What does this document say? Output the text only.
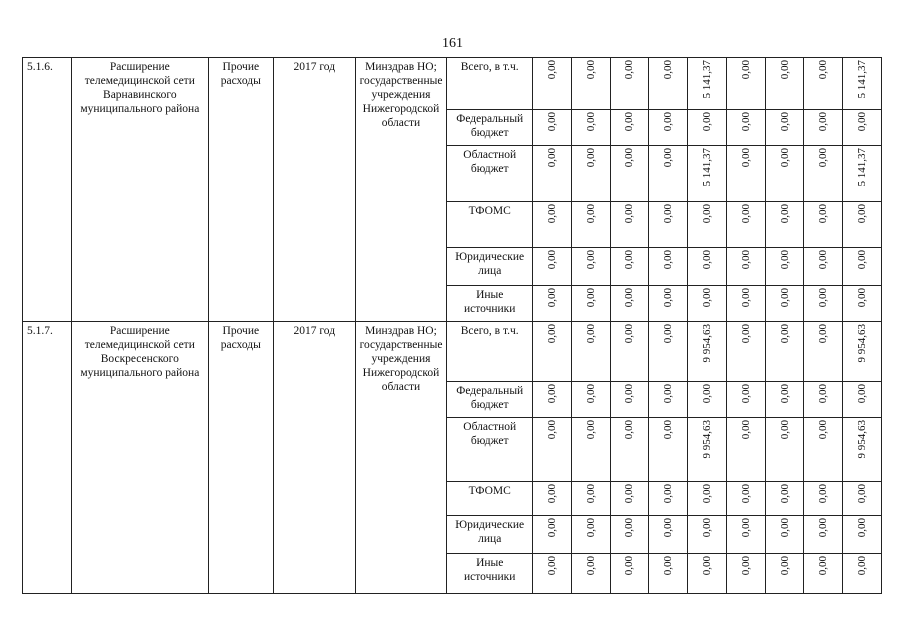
161
5.1.6.	Расширение телемедицинской сети Варнавинского муниципального района	Прочие расходы	2017 год	Минздрав НО; государственные учреждения Нижегородской области	Всего, в т.ч.	0,00	0,00	0,00	0,00	5 141,37	0,00	0,00	0,00	5 141,37
					Федеральный бюджет	0,00	0,00	0,00	0,00	0,00	0,00	0,00	0,00	0,00
					Областной бюджет	0,00	0,00	0,00	0,00	5 141,37	0,00	0,00	0,00	5 141,37
					ТФОМС	0,00	0,00	0,00	0,00	0,00	0,00	0,00	0,00	0,00
					Юридические лица	0,00	0,00	0,00	0,00	0,00	0,00	0,00	0,00	0,00
					Иные источники	0,00	0,00	0,00	0,00	0,00	0,00	0,00	0,00	0,00
5.1.7.	Расширение телемедицинской сети Воскресенского муниципального района	Прочие расходы	2017 год	Минздрав НО; государственные учреждения Нижегородской области	Всего, в т.ч.	0,00	0,00	0,00	0,00	9 954,63	0,00	0,00	0,00	9 954,63
					Федеральный бюджет	0,00	0,00	0,00	0,00	0,00	0,00	0,00	0,00	0,00
					Областной бюджет	0,00	0,00	0,00	0,00	9 954,63	0,00	0,00	0,00	9 954,63
					ТФОМС	0,00	0,00	0,00	0,00	0,00	0,00	0,00	0,00	0,00
					Юридические лица	0,00	0,00	0,00	0,00	0,00	0,00	0,00	0,00	0,00
					Иные источники	0,00	0,00	0,00	0,00	0,00	0,00	0,00	0,00	0,00
